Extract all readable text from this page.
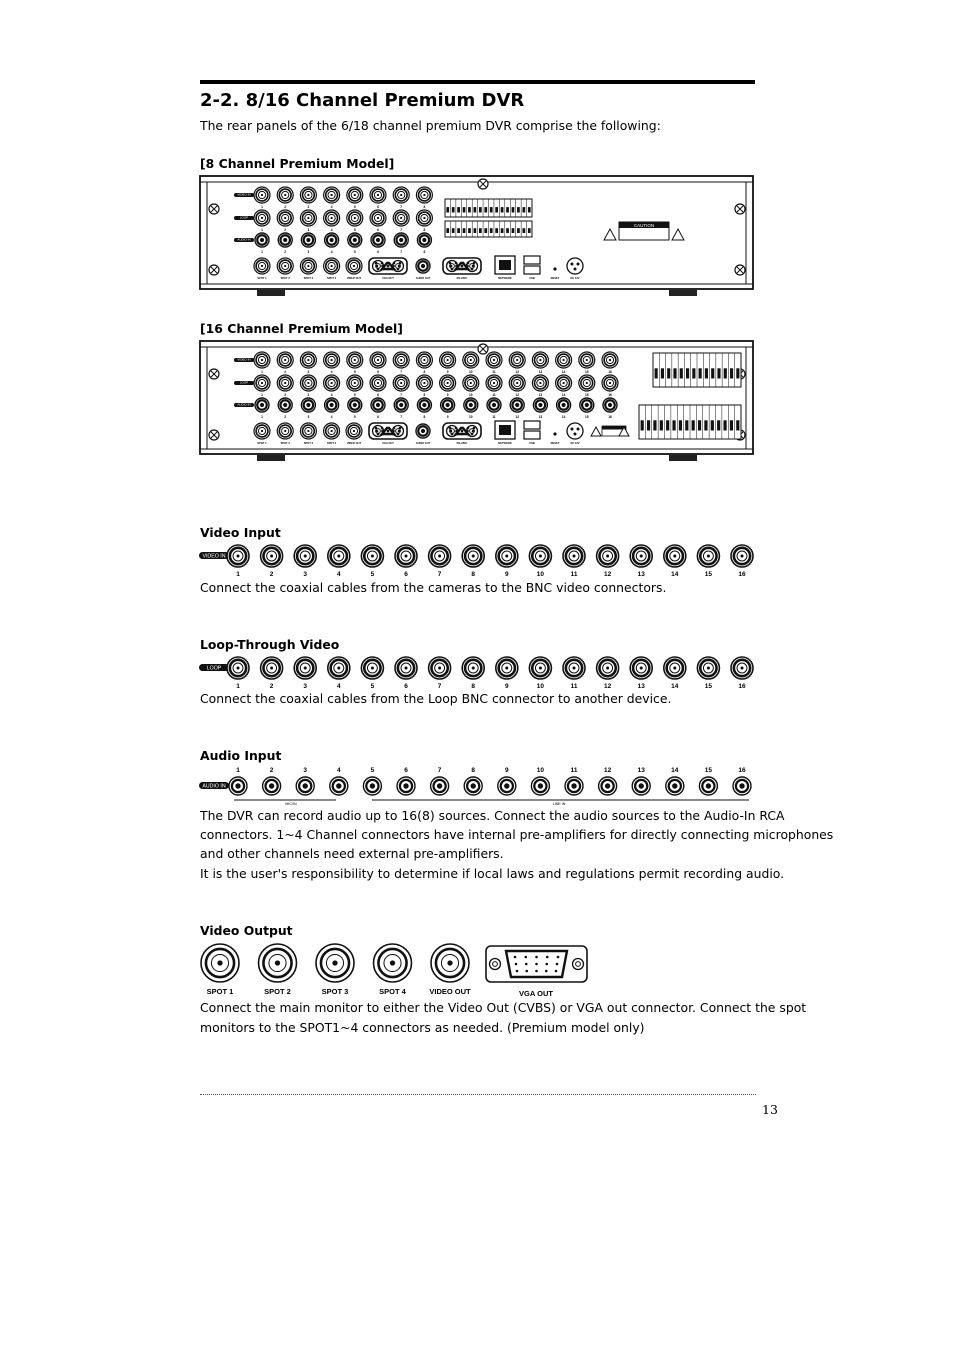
2-2. 8/16 Channel Premium DVR
The rear panels of the 6/18 channel premium DVR comprise the following:
[8 Channel Premium Model]
VIDEO IN
1	2	3	4	5	6	7	8
LOOP
1	2	3	4	5	6	7	8
AUDIO IN
1	2	3	4	5	6	7	8
SPOT 1	SPOT 2	SPOT 3	SPOT 4	VIDEO OUT	VGA OUT	AUDIO OUT	RS-232C	NETWORK	USB	RESET	DC 12V
CAUTION
[16 Channel Premium Model]
VIDEO IN
1	2	3	4	5	6	7	8	9	10	11	12	13	14	15	16
LOOP
1	2	3	4	5	6	7	8	9	10	11	12	13	14	15	16
AUDIO IN
1	2	3	4	5	6	7	8	9	10	11	12	13	14	15	16
SPOT 1	SPOT 2	SPOT 3	SPOT 4	VIDEO OUT	VGA OUT	AUDIO OUT	RS-232C	NETWORK	USB	RESET	DC 12V
Video Input
VIDEO IN
1	2	3	4	5	6	7	8	9	10	11	12	13	14	15	16
Connect the coaxial cables from the cameras to the BNC video connectors.
Loop-Through Video
LOOP
1	2	3	4	5	6	7	8	9	10	11	12	13	14	15	16
Connect the coaxial cables from the Loop BNC connector to another device.
Audio Input
AUDIO IN
1	2	3	4	5	6	7	8	9	10	11	12	13	14	15	16
MIC/IN	LINE IN
The DVR can record audio up to 16(8) sources. Connect the audio sources to the Audio-In RCA
connectors. 1~4 Channel connectors have internal pre-amplifiers for directly connecting microphones
and other channels need external pre-amplifiers.
It is the user's responsibility to determine if local laws and regulations permit recording audio.
Video Output
SPOT 1	SPOT 2	SPOT 3	SPOT 4	VIDEO OUT	VGA OUT
Connect the main monitor to either the Video Out (CVBS) or VGA out connector. Connect the spot
monitors to the SPOT1~4 connectors as needed. (Premium model only)
13
